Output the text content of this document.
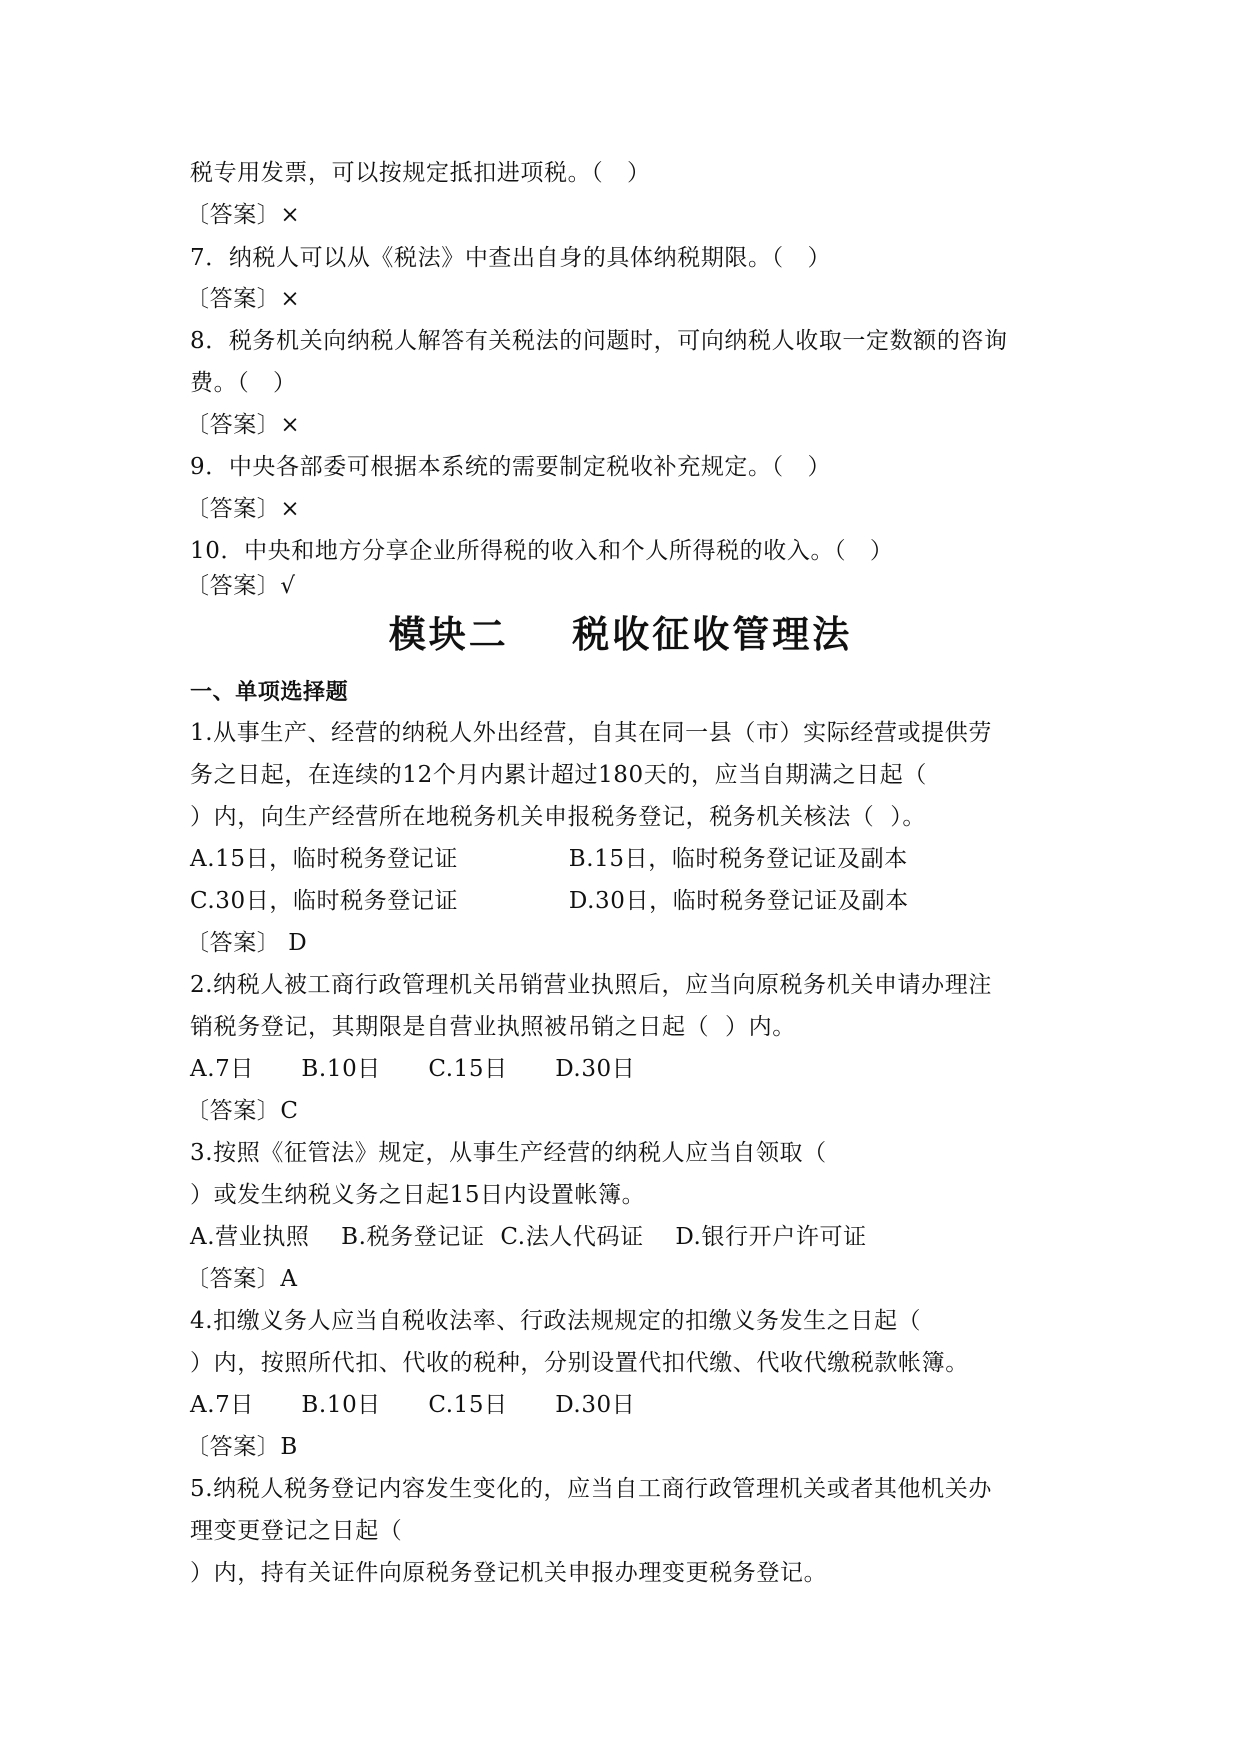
税专用发票，可以按规定抵扣进项税。（   ）
〔答案〕×
7．纳税人可以从《税法》中查出自身的具体纳税期限。（   ）
〔答案〕×
8．税务机关向纳税人解答有关税法的问题时，可向纳税人收取一定数额的咨询
费。（   ）
〔答案〕×
9．中央各部委可根据本系统的需要制定税收补充规定。（   ）
〔答案〕×
10．中央和地方分享企业所得税的收入和个人所得税的收入。（   ）
〔答案〕√
模块二    税收征收管理法
一、单项选择题
1.从事生产、经营的纳税人外出经营，自其在同一县（市）实际经营或提供劳
务之日起，在连续的12个月内累计超过180天的，应当自期满之日起（
）内，向生产经营所在地税务机关申报税务登记，税务机关核法（  ）。
A.15日，临时税务登记证              B.15日，临时税务登记证及副本
C.30日，临时税务登记证              D.30日，临时税务登记证及副本
〔答案〕 D
2.纳税人被工商行政管理机关吊销营业执照后，应当向原税务机关申请办理注
销税务登记，其期限是自营业执照被吊销之日起（  ）内。
A.7日      B.10日      C.15日      D.30日
〔答案〕C
3.按照《征管法》规定，从事生产经营的纳税人应当自领取（
）或发生纳税义务之日起15日内设置帐簿。
A.营业执照    B.税务登记证  C.法人代码证    D.银行开户许可证
〔答案〕A
4.扣缴义务人应当自税收法率、行政法规规定的扣缴义务发生之日起（
）内，按照所代扣、代收的税种，分别设置代扣代缴、代收代缴税款帐簿。
A.7日      B.10日      C.15日      D.30日
〔答案〕B
5.纳税人税务登记内容发生变化的，应当自工商行政管理机关或者其他机关办
理变更登记之日起（
）内，持有关证件向原税务登记机关申报办理变更税务登记。
